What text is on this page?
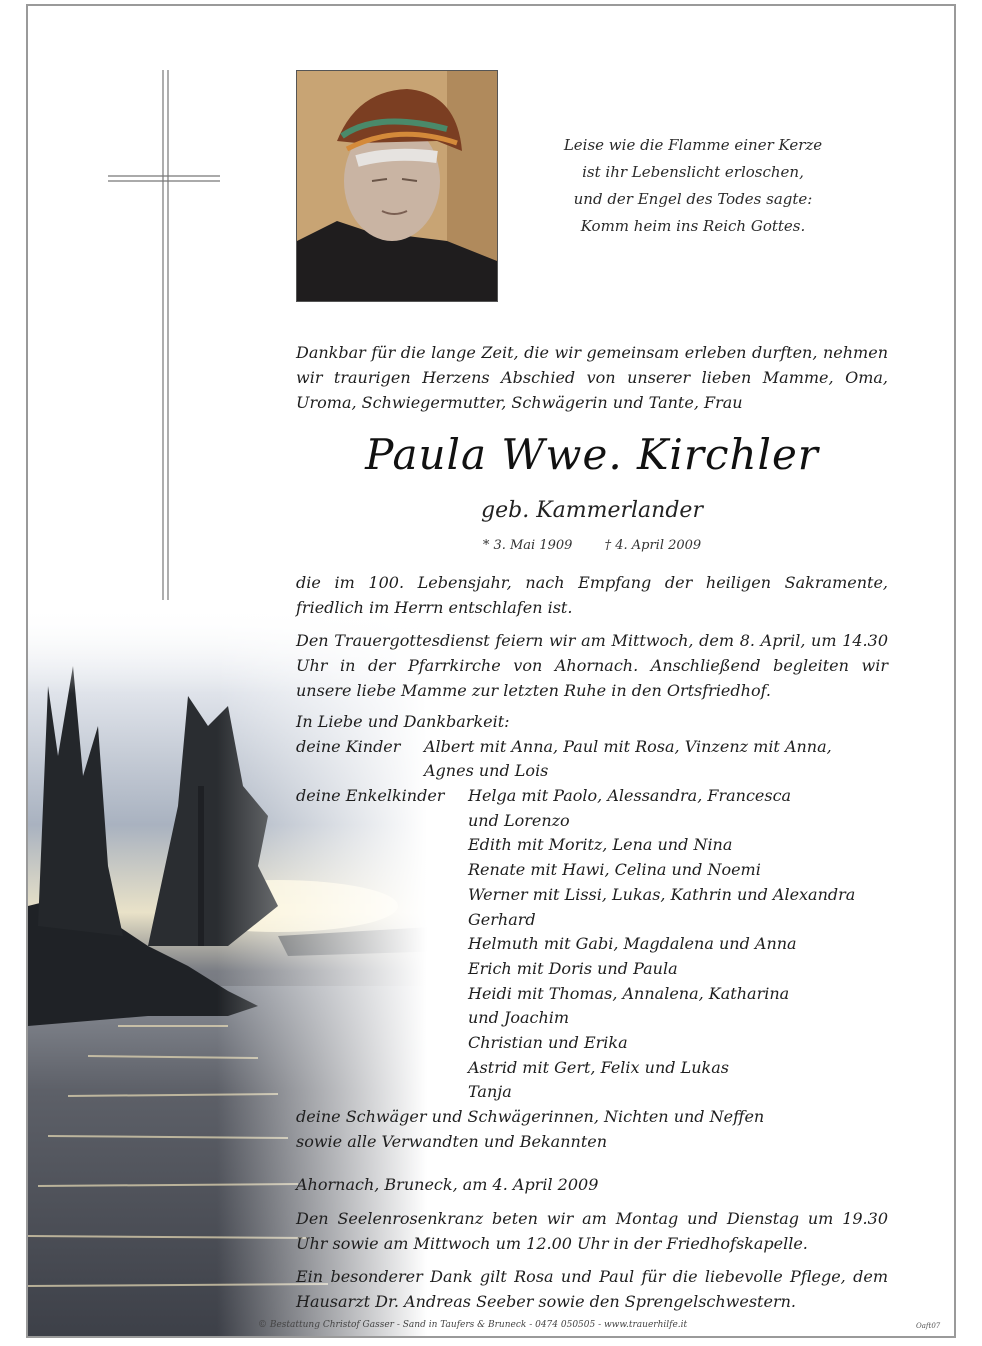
Leise wie die Flamme einer Kerze
ist ihr Lebenslicht erloschen,
und der Engel des Todes sagte:
Komm heim ins Reich Gottes.
Dankbar für die lange Zeit, die wir gemeinsam erleben durften, nehmen wir traurigen Herzens Abschied von unserer lieben Mamme, Oma, Uroma, Schwiegermutter, Schwägerin und Tante, Frau
Paula Wwe. Kirchler
geb. Kammerlander
* 3. Mai 1909 † 4. April 2009
die im 100. Lebensjahr, nach Empfang der heiligen Sakramente, friedlich im Herrn entschlafen ist.
Den Trauergottesdienst feiern wir am Mittwoch, dem 8. April, um 14.30 Uhr in der Pfarrkirche von Ahornach. Anschließend begleiten wir unsere liebe Mamme zur letzten Ruhe in den Ortsfriedhof.
In Liebe und Dankbarkeit:
deine Kinder Albert mit Anna, Paul mit Rosa, Vinzenz mit Anna,
Agnes und Lois
deine Enkelkinder Helga mit Paolo, Alessandra, Francesca
und Lorenzo
Edith mit Moritz, Lena und Nina
Renate mit Hawi, Celina und Noemi
Werner mit Lissi, Lukas, Kathrin und Alexandra
Gerhard
Helmuth mit Gabi, Magdalena und Anna
Erich mit Doris und Paula
Heidi mit Thomas, Annalena, Katharina
und Joachim
Christian und Erika
Astrid mit Gert, Felix und Lukas
Tanja
deine Schwäger und Schwägerinnen, Nichten und Neffen
sowie alle Verwandten und Bekannten
Ahornach, Bruneck, am 4. April 2009
Den Seelenrosenkranz beten wir am Montag und Dienstag um 19.30 Uhr sowie am Mittwoch um 12.00 Uhr in der Friedhofskapelle.
Ein besonderer Dank gilt Rosa und Paul für die liebevolle Pflege, dem Hausarzt Dr. Andreas Seeber sowie den Sprengelschwestern.
© Bestattung Christof Gasser - Sand in Taufers & Bruneck - 0474 050505 - www.trauerhilfe.it	Oaft07
